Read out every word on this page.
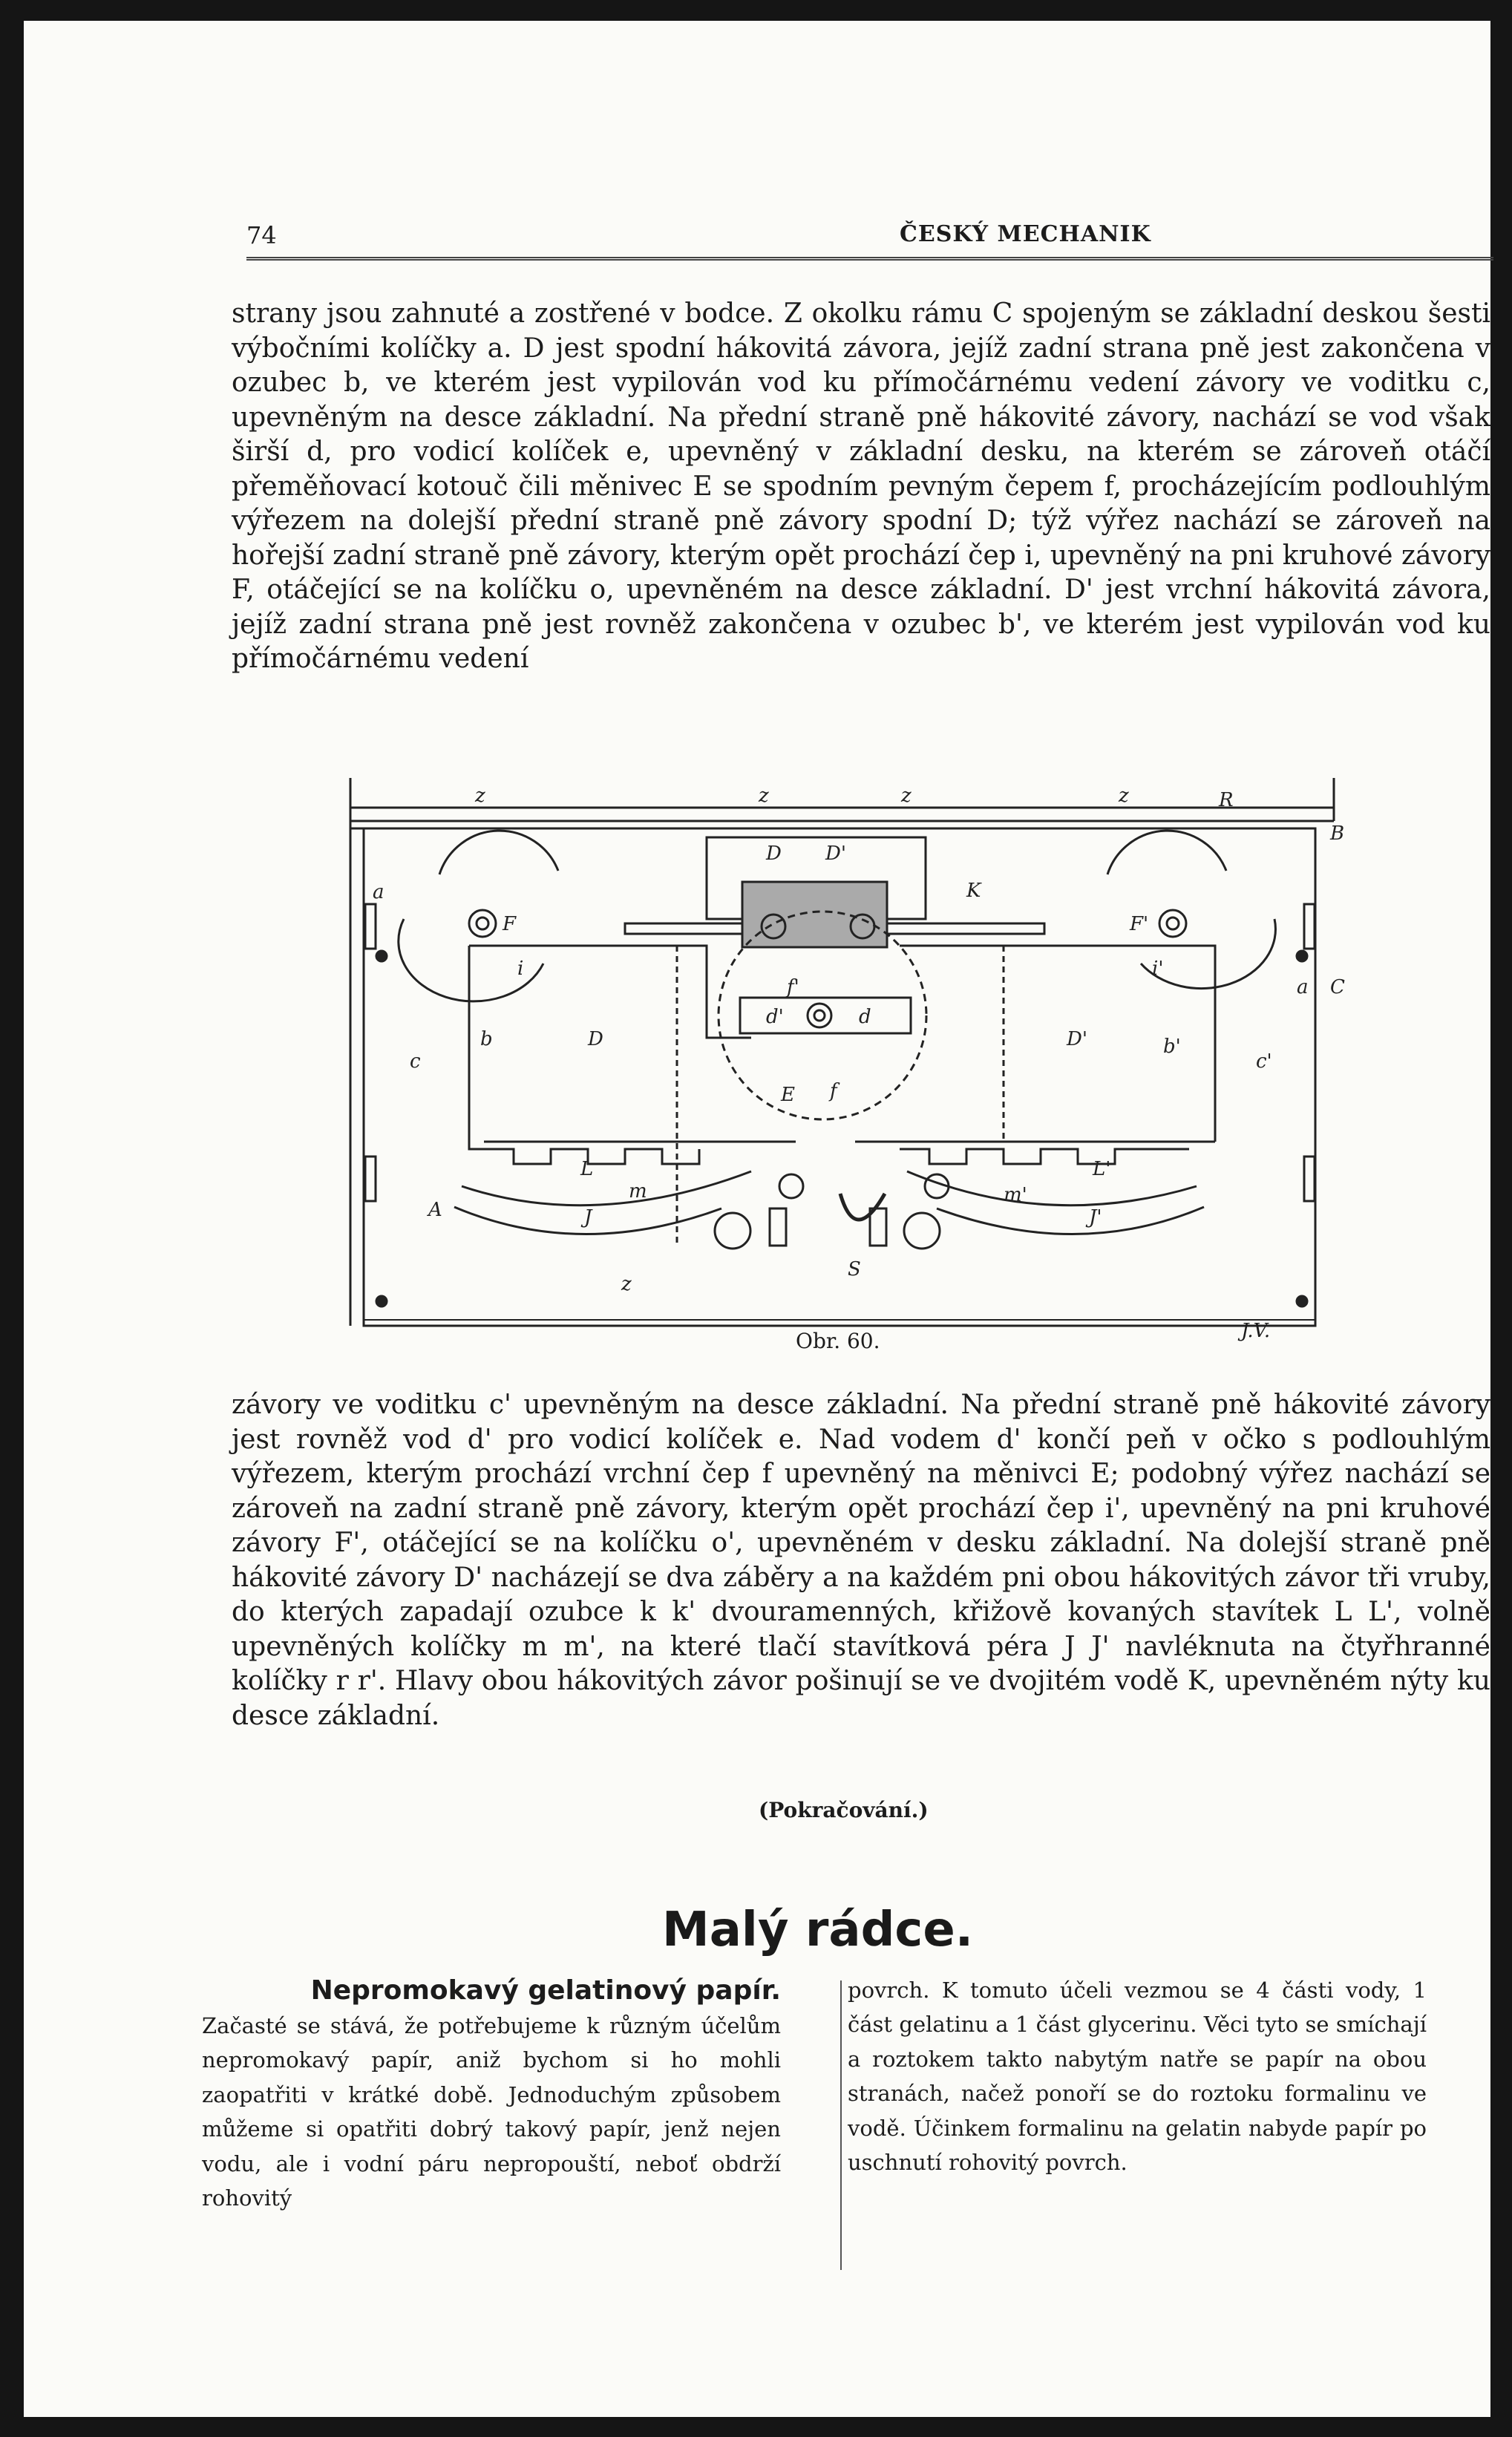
74	ČESKÝ MECHANIK

strany jsou zahnuté a zostřené v bodce. Z okolku rámu C spojeným se základní deskou šesti výbočními kolíčky a. D jest spodní hákovitá závora, jejíž zadní strana pně jest zakončena v ozubec b, ve kterém jest vypilován vod ku přímočárnému vedení závory ve voditku c, upevněným na desce základní. Na přední straně pně hákovité závory, nachází se vod však širší d, pro vodicí kolíček e, upevněný v základní desku, na kterém se zároveň otáčí přeměňovací kotouč čili měnivec E se spodním pevným čepem f, procházejícím podlouhlým výřezem na dolejší přední straně pně závory spodní D; týž výřez nachází se zároveň na hořejší zadní straně pně závory, kterým opět prochází čep i, upevněný na pni kruhové závory F, otáčející se na kolíčku o, upevněném na desce základní. D' jest vrchní hákovitá závora, jejíž zadní strana pně jest rovněž zakončena v ozubec b', ve kterém jest vypilován vod ku přímočárnému vedení

z	z	z	z	R
B
a
a
F	F'
D D'
K
C
c	c'
D	D'
b	b'
i	i'
d'	d
E f
f'
L	L'
m	m'
A	J	J'
S
z
Obr. 60.	J.V.

závory ve voditku c' upevněným na desce základní. Na přední straně pně hákovité závory jest rovněž vod d' pro vodicí kolíček e. Nad vodem d' končí peň v očko s podlouhlým výřezem, kterým prochází vrchní čep f upevněný na měnivci E; podobný výřez nachází se zároveň na zadní straně pně závory, kterým opět prochází čep i', upevněný na pni kruhové závory F', otáčející se na kolíčku o', upevněném v desku základní. Na dolejší straně pně hákovité závory D' nacházejí se dva záběry a na každém pni obou hákovitých závor tři vruby, do kterých zapadají ozubce k k' dvouramenných, křižově kovaných stavítek L L', volně upevněných kolíčky m m', na které tlačí stavítková péra J J' navléknuta na čtyřhranné kolíčky r r'. Hlavy obou hákovitých závor pošinují se ve dvojitém vodě K, upevněném nýty ku desce základní.

(Pokračování.)
Malý rádce.
Nepromokavý gelatinový papír.
Začasté se stává, že potřebujeme k různým účelům nepromokavý papír, aniž bychom si ho mohli zaopatřiti v krátké době. Jednoduchým způsobem můžeme si opatřiti dobrý takový papír, jenž nejen vodu, ale i vodní páru nepropouští, neboť obdrží rohovitý
povrch. K tomuto účeli vezmou se 4 části vody, 1 část gelatinu a 1 část glycerinu. Věci tyto se smíchají a roztokem takto nabytým natře se papír na obou stranách, načež ponoří se do roztoku formalinu ve vodě. Účinkem formalinu na gelatin nabyde papír po uschnutí rohovitý povrch.
